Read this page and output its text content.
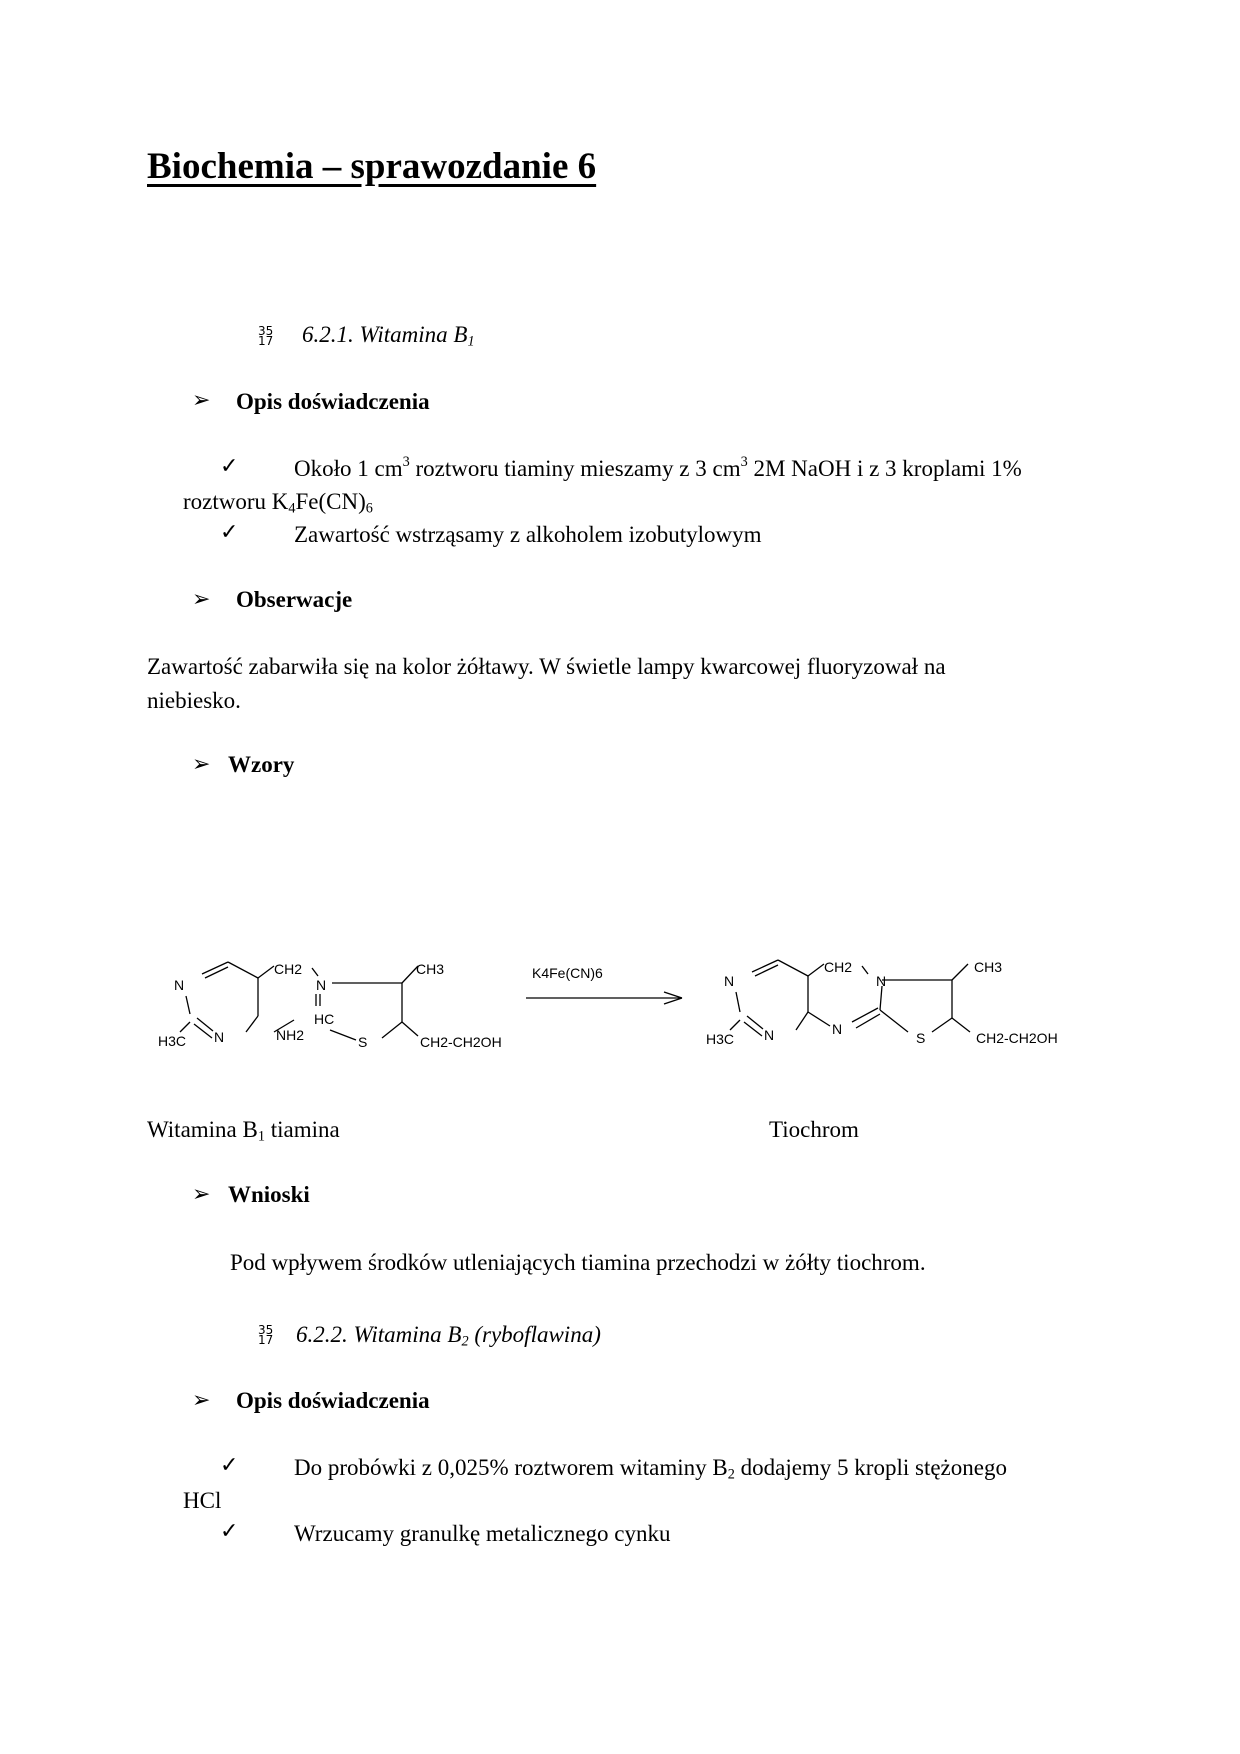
Biochemia – sprawozdanie 6
35
17 6.2.1. Witamina $B_1$
➢ Opis doświadczenia
✓ Około 1 $cm^3$ roztworu tiaminy mieszamy z 3 $cm^3$ 2M NaOH i z 3 kroplami 1%
roztworu $K_4Fe(CN)_6$
✓ Zawartość wstrząsamy z alkoholem izobutylowym
➢ Obserwacje
Zawartość zabarwiła się na kolor żółtawy. W świetle lampy kwarcowej fluoryzował na
niebiesko.
➢ Wzory
N
CH2
N
CH3
HC
H3C N	NH2	S	CH2-CH2OH
K4Fe(CN)6	N
CH2
N
CH3
H3C N	N
S	CH2-CH2OH
Witamina $B_1$ tiamina	Tiochrom
➢ Wnioski
Pod wpływem środków utleniających tiamina przechodzi w żółty tiochrom.
35
17 6.2.2. Witamina $B_2$ (ryboflawina)
➢ Opis doświadczenia
✓ Do probówki z 0,025% roztworem witaminy $B_2$ dodajemy 5 kropli stężonego
HCl
✓ Wrzucamy granulkę metalicznego cynku
